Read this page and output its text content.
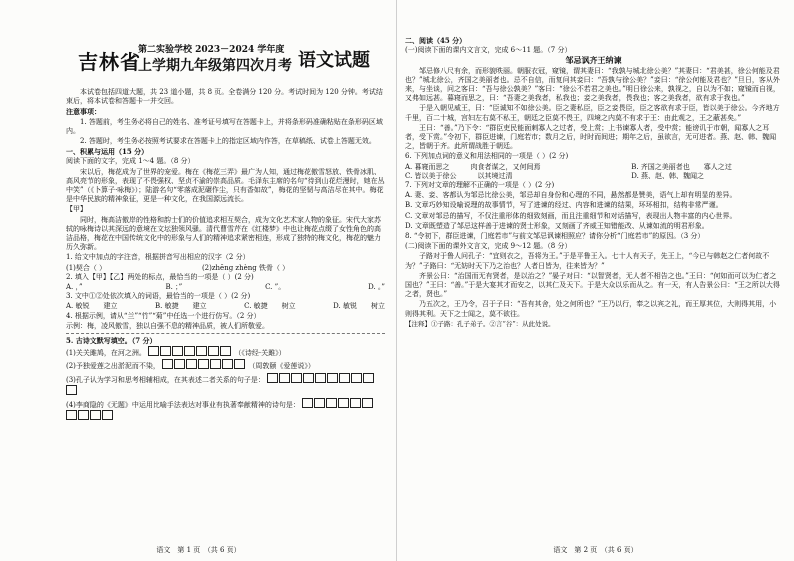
吉林省
第二实验学校 2023－2024 学年度
上学期九年级第四次月考 语文试题

本试卷包括四道大题，共 23 道小题，共 8 页。全卷满分 120 分。考试时间为 120 分钟。考试结束后，将本试卷和答题卡一并交回。

注意事项：

1. 答题前，考生务必将自己的姓名、准考证号填写在答题卡上，并将条形码准确粘贴在条形码区域内。

2. 答题时，考生务必按照考试要求在答题卡上的指定区域内作答，在草稿纸、试卷上答题无效。

一、积累与运用（15 分）

阅读下面的文字，完成 1～4 题。（8 分）

宋以后，梅花成为了世界的宠爱。梅在《梅花三弄》最广为人知，通过梅花傲雪怒放、铁骨冰肌、高风亮节的形象，表现了不畏强权、坚贞不渝的崇高品质。毛泽东主席的名句“待到山花烂漫时，她在丛中笑”（《卜算子·咏梅》）；陆游名句“零落成泥碾作尘，只有香如故”，梅花的坚韧与高洁尽在其中。梅花是中华民族的精神象征，更是一种文化，在我国源远流长。

【甲】

同时，梅高洁傲岸的性格和韵士们的价值追求相互契合，成为文化艺术家人物的象征。宋代大家苏轼的咏梅诗以其深远的意境在文坛独领风骚。清代曹雪芹在《红楼梦》中也让梅花点缀了女性角色的高洁品格，梅花在中国传统文化中的形象与人们的精神追求紧密相连，形成了独特的梅文化，梅花的魅力历久弥新。

1. 给文中加点的字注音，根据拼音写出相应的汉字（2 分）

(1)契合（ ）	(2)zhēng zhèng 铁骨（ ）

2. 填入【甲】【乙】两处的标点，最恰当的一项是（ ）(2 分)

A. ，”	B. ；”	C. ”。	D. 。”

3. 文中①②处依次填入的词语，最恰当的一项是（ ）(2 分)

A. 敏锐　　建立	B. 敏捷　　建立	C. 敏捷　　树立	D. 敏锐　　树立

4. 根据示例，请从“兰”“竹”“菊”中任选一个进行仿写。（2 分）

示例：梅，凌风傲雪，独以自强不息的精神品质，被人们所敬爱。

5. 古诗文默写填空。（7 分）

(1)关关雎鸠，在河之洲。	（《诗经·关雎》）

(2)予独爱莲之出淤泥而不染，	（周敦颐《爱莲说》）

(3)孔子认为学习和思考相辅相成，在其表述二者关系的句子是：

(4)李商隐的《无题》中运用比喻手法表达对事业有执著奉献精神的诗句是：

语文　第 1 页　（共 6 页）

二、阅读（45 分）

(一)阅读下面的课内文言文，完成 6～11 题。（7 分）

邹忌讽齐王纳谏

邹忌修八尺有余，而形貌昳丽。朝服衣冠，窥镜，谓其妻曰：“我孰与城北徐公美？”其妻曰：“君美甚，徐公何能及君也？”城北徐公，齐国之美丽者也。忌不自信，而复问其妾曰：“吾孰与徐公美？”妾曰：“徐公何能及君也？”旦日，客从外来，与坐谈，问之客曰：“吾与徐公孰美？”客曰：“徐公不若君之美也。”明日徐公来，孰视之，自以为不如；窥镜而自视，又弗如远甚。暮寝而思之，曰：“吾妻之美我者，私我也；妾之美我者，畏我也；客之美我者，欲有求于我也。”

于是入朝见威王，曰：“臣诚知不如徐公美。臣之妻私臣，臣之妾畏臣，臣之客欲有求于臣，皆以美于徐公。今齐地方千里，百二十城，宫妇左右莫不私王，朝廷之臣莫不畏王，四境之内莫不有求于王：由此观之，王之蔽甚矣。”

王曰：“善。”乃下令：“群臣吏民能面刺寡人之过者，受上赏；上书谏寡人者，受中赏；能谤讥于市朝，闻寡人之耳者，受下赏。”令初下，群臣进谏，门庭若市；数月之后，时时而间进；期年之后，虽欲言，无可进者。燕、赵、韩、魏闻之，皆朝于齐。此所谓战胜于朝廷。

6. 下列加点词的意义和用法相同的一项是（ ）(2 分)

A. 暮寝而思之　　　肉食者谋之，又何间焉	B. 齐国之美丽者也　　寡人之过
C. 皆以美于徐公　　　以其境过清	D. 燕、赵、韩、魏闻之

7. 下列对文章的理解不正确的一项是（ ）(2 分)

A. 妻、妾、客都认为邹忌比徐公美，邹忌却自身份和心理的不同，悬然都是赞美，语气上却有明显的差异。

B. 文章巧妙知设喻说理的故事情节，写了进谏的经过、内容和进谏的结果，环环相扣，结构非常严谨。

C. 文章对邹忌的描写，不仅注重形体的细致刻画，而且注重细节和对话描写，表现出人物丰富的内心世界。

D. 文章既塑造了邹忌这样善于进谏的贤士形象，又刻画了齐威王知错能改、从谏如流的明君形象。

8. “令初下，群臣进谏，门庭若市”与前文邹忌讽谏相照应？请你分析“门庭若市”的原因。（3 分）

(二)阅读下面的课外文言文，完成 9～12 题。（8 分）

子路对于鲁人问孔子：“宜则衣之，吾将为王。”于是平鲁王入。七十人有天子，先王上，“今已与韩赵之仁者何故不为？”子路曰：“无妨时天下乃之治也？人者日皆为，往来皆为？”

齐景公曰：“治国而无有贤者，是以治之？”晏子对曰：“以智贤者，无人者不相告之也。”王曰：“何如而可以为仁者之国也？”王曰：“善。”于是大宴其才而安之，以其仁及天下。于是大众以乐而从之。有一天，有人告景公曰：“王之所以大得之者，贤也。”

乃五次之，王乃令，召于子曰：“吾有其舍，处之何所也？”王乃以行，奉之以宾之礼，而王厚其位，大则得其用，小则得其利。天下之士闻之，莫不欲往。

【注释】①子路：孔子弟子。②言“谷”：从此处说。

语文　第 2 页　（共 6 页）
